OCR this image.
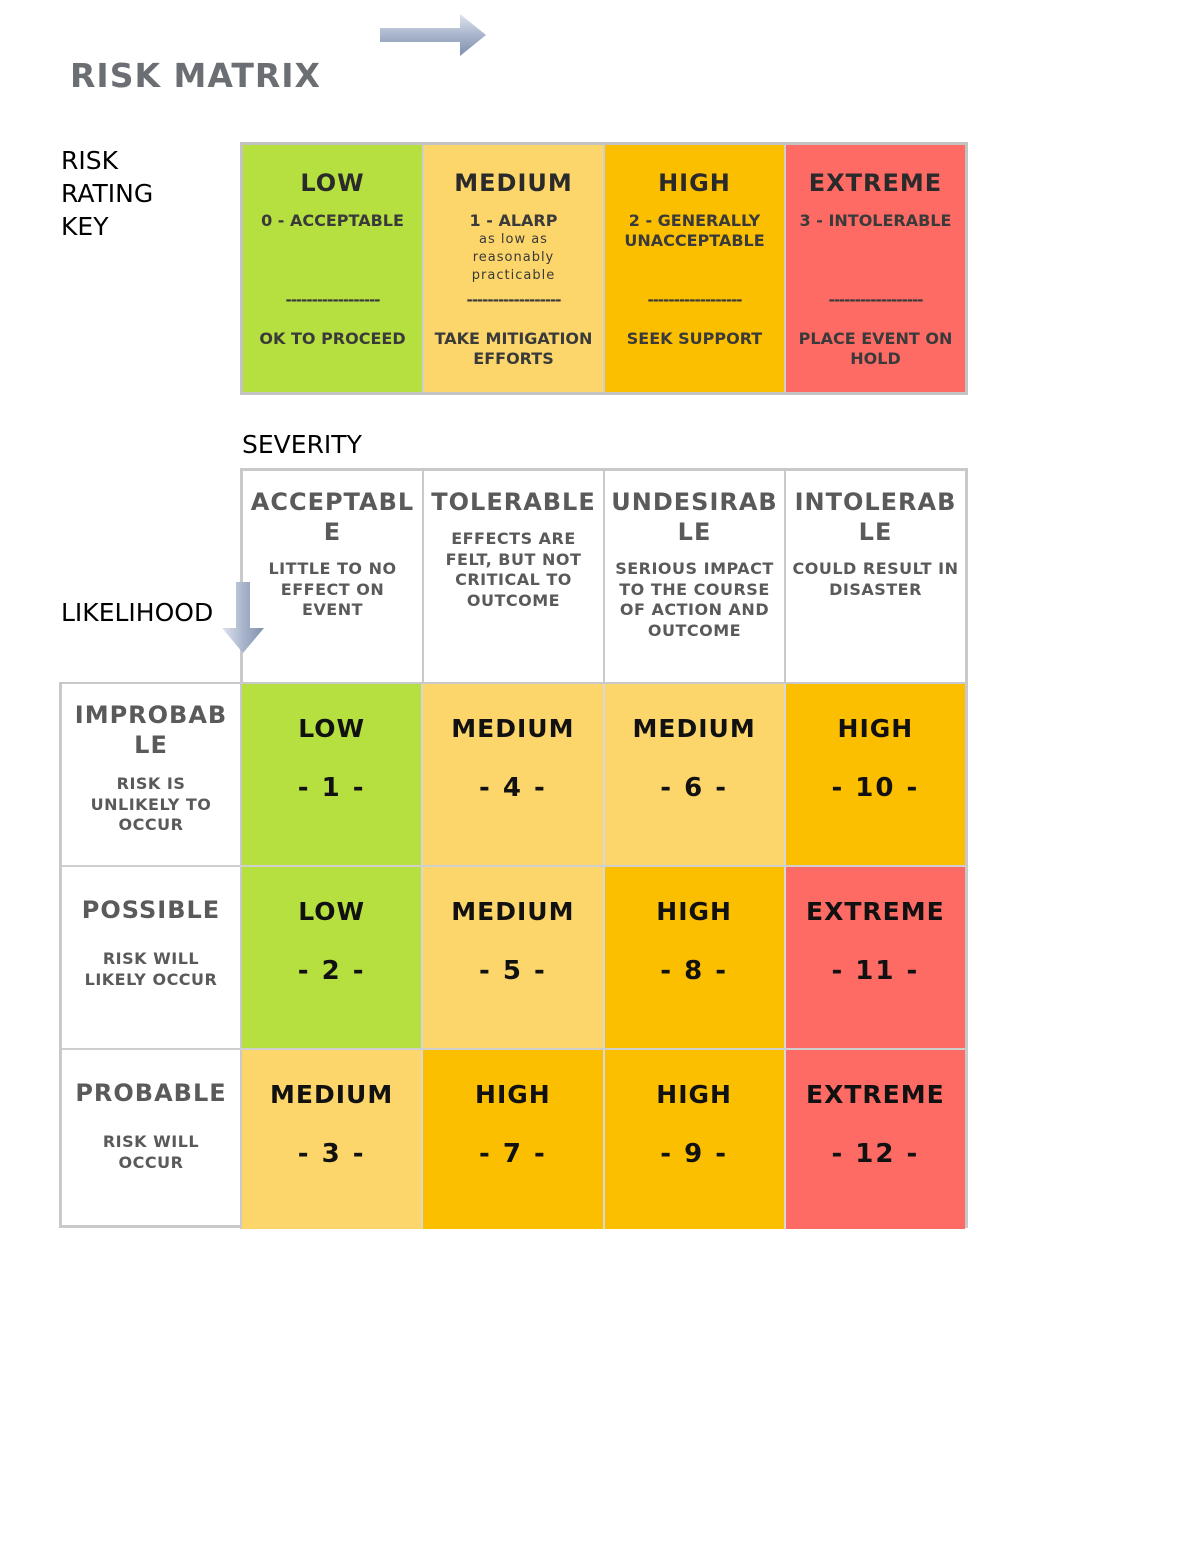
RISK MATRIX
RISK
RATING
KEY
LOW
0 - ACCEPTABLE
OK TO PROCEED
------------------
MEDIUM
1 - ALARP
as low as reasonably practicable
------------------
TAKE MITIGATION EFFORTS
HIGH
2 - GENERALLY UNACCEPTABLE
------------------
SEEK SUPPORT
EXTREME
3 - INTOLERABLE
------------------
PLACE EVENT ON HOLD
SEVERITY
ACCEPTABLE
LITTLE TO NO EFFECT ON EVENT
TOLERABLE
EFFECTS ARE FELT, BUT NOT CRITICAL TO OUTCOME
UNDESIRABLE
SERIOUS IMPACT TO THE COURSE OF ACTION AND OUTCOME
INTOLERABLE
COULD RESULT IN DISASTER
LIKELIHOOD
IMPROBABLE
RISK IS UNLIKELY TO OCCUR
LOW
- 1 -
MEDIUM
- 4 -
MEDIUM
- 6 -
HIGH
- 10 -
POSSIBLE
RISK WILL LIKELY OCCUR
LOW
- 2 -
MEDIUM
- 5 -
HIGH
- 8 -
EXTREME
- 11 -
PROBABLE
RISK WILL OCCUR
MEDIUM
- 3 -
HIGH
- 7 -
HIGH
- 9 -
EXTREME
- 12 -
